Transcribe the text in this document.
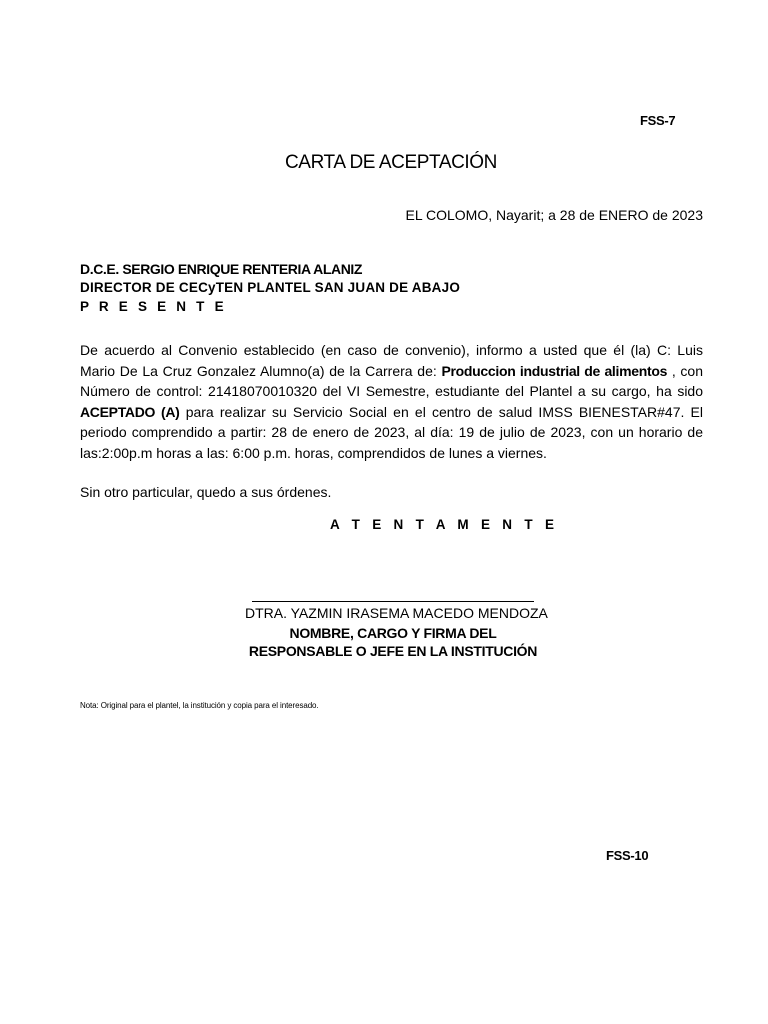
FSS-7
CARTA DE ACEPTACIÓN
EL COLOMO, Nayarit; a 28 de ENERO de 2023
D.C.E. SERGIO ENRIQUE RENTERIA ALANIZ
DIRECTOR DE CECyTEN PLANTEL SAN JUAN DE ABAJO
P R E S E N T E
De acuerdo al Convenio establecido (en caso de convenio), informo a usted que él (la) C: Luis Mario De La Cruz Gonzalez Alumno(a) de la Carrera de: Produccion industrial de alimentos , con Número de control: 21418070010320 del VI Semestre, estudiante del Plantel a su cargo, ha sido ACEPTADO (A) para realizar su Servicio Social en el centro de salud IMSS BIENESTAR#47. El periodo comprendido a partir: 28 de enero de 2023, al día: 19 de julio de 2023, con un horario de las:2:00p.m horas a las: 6:00 p.m. horas, comprendidos de lunes a viernes.
Sin otro particular, quedo a sus órdenes.
A T E N T A M E N T E
DTRA. YAZMIN IRASEMA MACEDO MENDOZA
NOMBRE, CARGO Y FIRMA DEL
RESPONSABLE O JEFE EN LA INSTITUCIÓN
Nota: Original para el plantel, la institución y copia para el interesado.
FSS-10
